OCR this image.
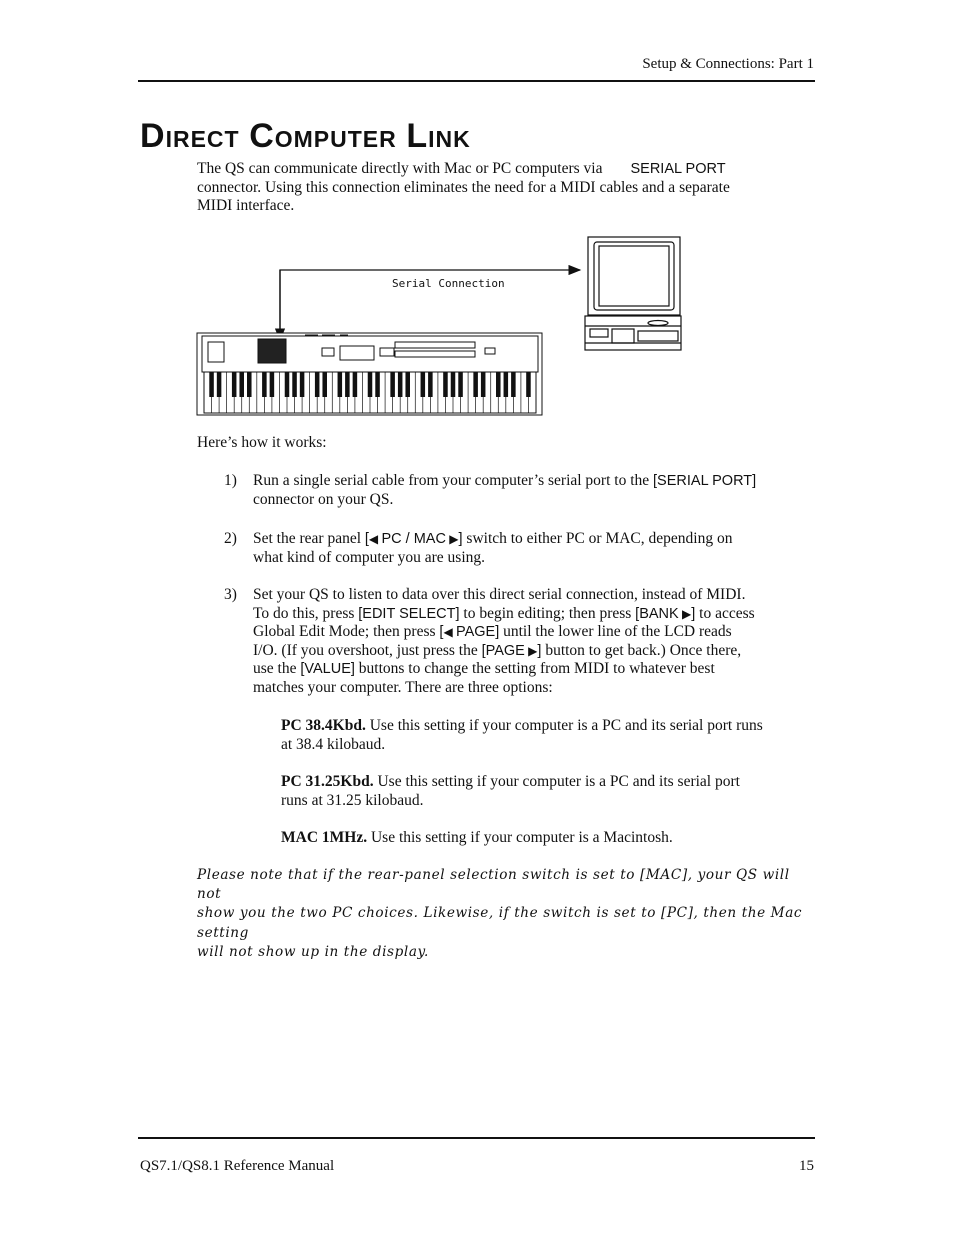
Setup & Connections: Part 1
DIRECT COMPUTER LINK
The QS can communicate directly with Mac or PC computers via SERIAL PORT
connector. Using this connection eliminates the need for a MIDI cables and a separate
MIDI interface.
Serial Connection
Here’s how it works:
1) Run a single serial cable from your computer’s serial port to the [SERIAL PORT]
connector on your QS.
2) Set the rear panel [◀ PC / MAC ▶] switch to either PC or MAC, depending on
what kind of computer you are using.
3) Set your QS to listen to data over this direct serial connection, instead of MIDI.
To do this, press [EDIT SELECT] to begin editing; then press [BANK ▶] to access
Global Edit Mode; then press [◀ PAGE] until the lower line of the LCD reads
I/O. (If you overshoot, just press the [PAGE ▶] button to get back.) Once there,
use the [VALUE] buttons to change the setting from MIDI to whatever best
matches your computer. There are three options:
PC 38.4Kbd. Use this setting if your computer is a PC and its serial port runs
at 38.4 kilobaud.
PC 31.25Kbd. Use this setting if your computer is a PC and its serial port
runs at 31.25 kilobaud.
MAC 1MHz. Use this setting if your computer is a Macintosh.
Please note that if the rear-panel selection switch is set to [MAC], your QS will not
show you the two PC choices. Likewise, if the switch is set to [PC], then the Mac setting
will not show up in the display.
QS7.1/QS8.1 Reference Manual	15
